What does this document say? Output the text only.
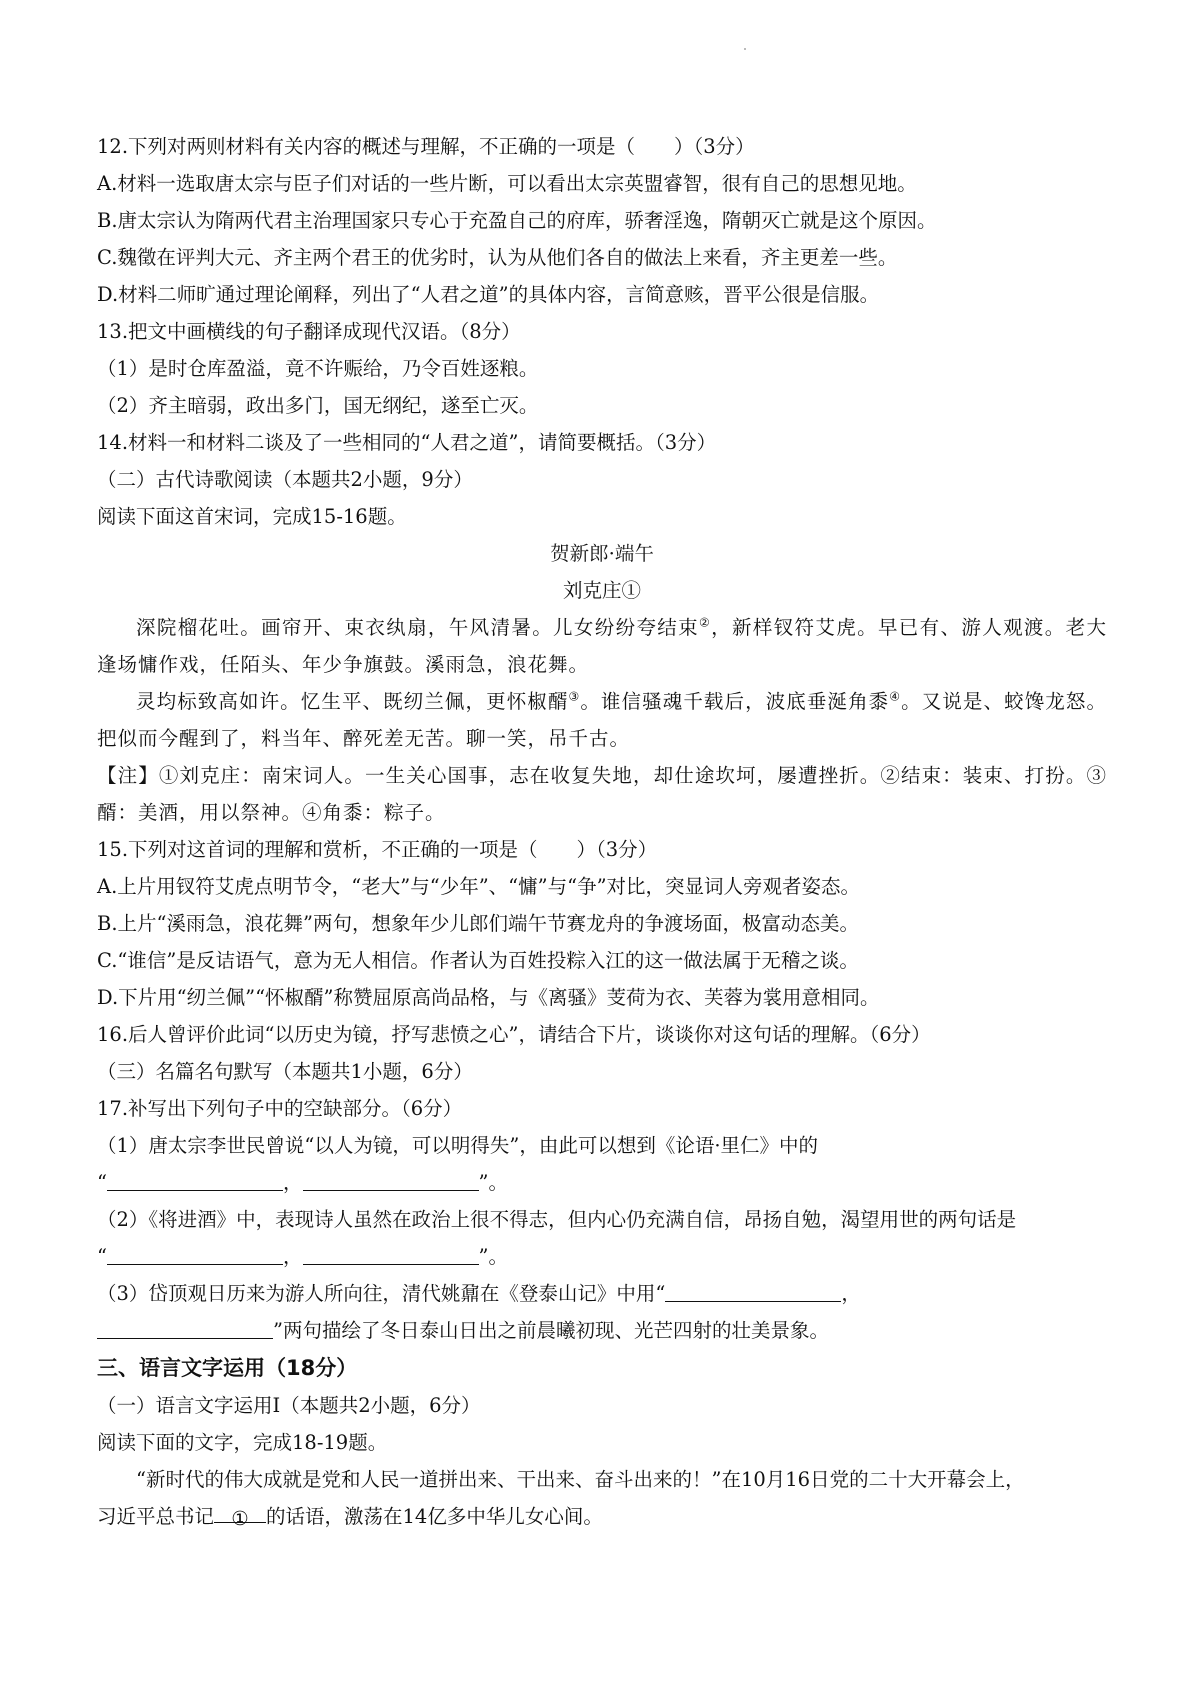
12.下列对两则材料有关内容的概述与理解，不正确的一项是（　　）（3分）
A.材料一选取唐太宗与臣子们对话的一些片断，可以看出太宗英盟睿智，很有自己的思想见地。
B.唐太宗认为隋两代君主治理国家只专心于充盈自己的府库，骄奢淫逸，隋朝灭亡就是这个原因。
C.魏徵在评判大元、齐主两个君王的优劣时，认为从他们各自的做法上来看，齐主更差一些。
D.材料二师旷通过理论阐释，列出了“人君之道”的具体内容，言简意赅，晋平公很是信服。
13.把文中画横线的句子翻译成现代汉语。（8分）
（1）是时仓库盈溢，竟不许赈给，乃令百姓逐粮。
（2）齐主暗弱，政出多门，国无纲纪，遂至亡灭。
14.材料一和材料二谈及了一些相同的“人君之道”，请简要概括。（3分）
（二）古代诗歌阅读（本题共2小题，9分）
阅读下面这首宋词，完成15-16题。
贺新郎·端午
刘克庄①
深院榴花吐。画帘开、束衣纨扇，午风清暑。儿女纷纷夸结束②，新样钗符艾虎。早已有、游人观渡。老大逢场慵作戏，任陌头、年少争旗鼓。溪雨急，浪花舞。
灵均标致高如许。忆生平、既纫兰佩，更怀椒醑③。谁信骚魂千载后，波底垂涎角黍④。又说是、蛟馋龙怒。把似而今醒到了，料当年、醉死差无苦。聊一笑，吊千古。
【注】①刘克庄：南宋词人。一生关心国事，志在收复失地，却仕途坎坷，屡遭挫折。②结束：装束、打扮。③醑：美酒，用以祭神。④角黍：粽子。
15.下列对这首词的理解和赏析，不正确的一项是（　　）（3分）
A.上片用钗符艾虎点明节令，“老大”与“少年”、“慵”与“争”对比，突显词人旁观者姿态。
B.上片“溪雨急，浪花舞”两句，想象年少儿郎们端午节赛龙舟的争渡场面，极富动态美。
C.“谁信”是反诘语气，意为无人相信。作者认为百姓投粽入江的这一做法属于无稽之谈。
D.下片用“纫兰佩”“怀椒醑”称赞屈原高尚品格，与《离骚》芰荷为衣、芙蓉为裳用意相同。
16.后人曾评价此词“以历史为镜，抒写悲愤之心”，请结合下片，谈谈你对这句话的理解。（6分）
（三）名篇名句默写（本题共1小题，6分）
17.补写出下列句子中的空缺部分。（6分）
（1）唐太宗李世民曾说“以人为镜，可以明得失”，由此可以想到《论语·里仁》中的
“	，	”。
（2）《将进酒》中，表现诗人虽然在政治上很不得志，但内心仍充满自信，昂扬自勉，渴望用世的两句话是
“	，	”。
（3）岱顶观日历来为游人所向往，清代姚鼐在《登泰山记》中用“	，
”两句描绘了冬日泰山日出之前晨曦初现、光芒四射的壮美景象。
三、语言文字运用（18分）
（一）语言文字运用I（本题共2小题，6分）
阅读下面的文字，完成18-19题。
“新时代的伟大成就是党和人民一道拼出来、干出来、奋斗出来的！”在10月16日党的二十大开幕会上，
习近平总书记 ① 的话语，激荡在14亿多中华儿女心间。
